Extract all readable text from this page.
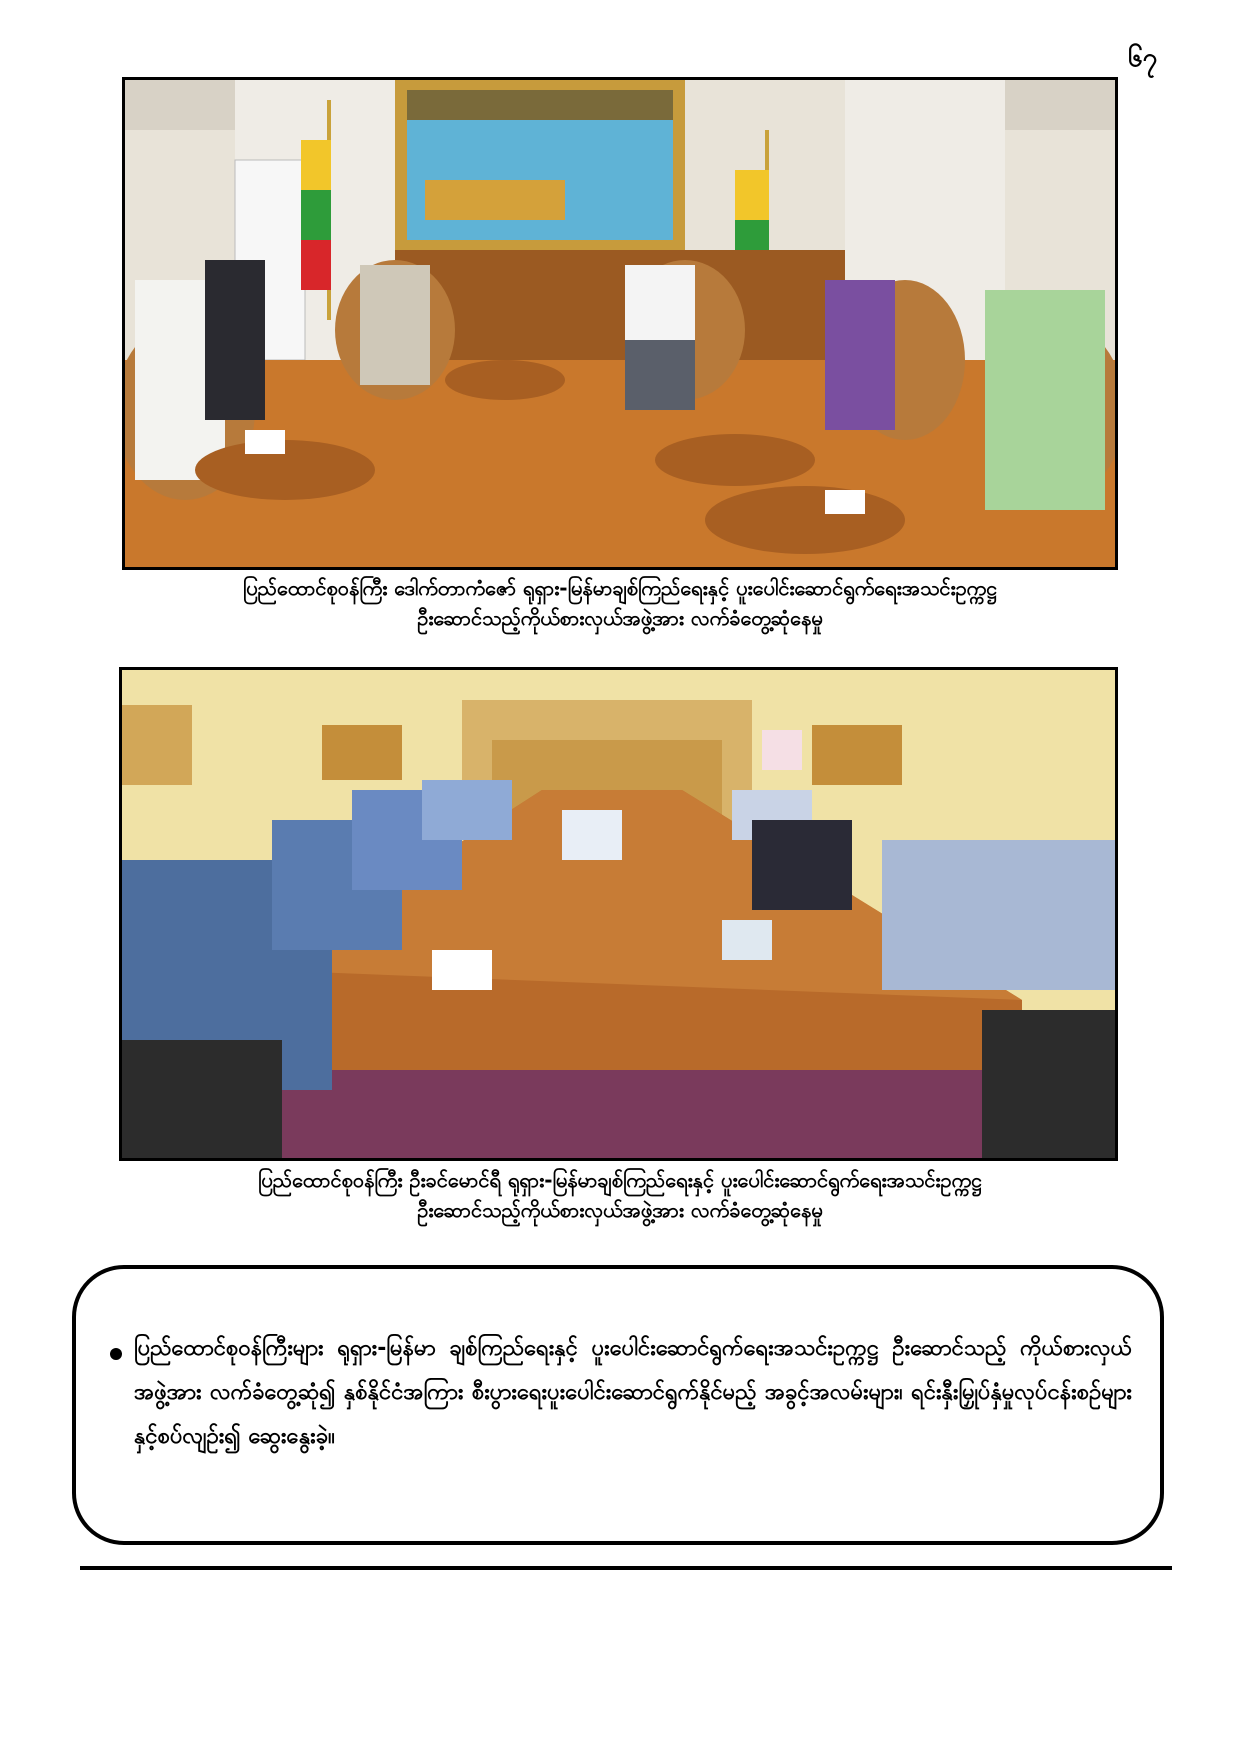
၆၇
ပြည်ထောင်စုဝန်ကြီး ဒေါက်တာကံဇော် ရုရှား-မြန်မာချစ်ကြည်ရေးနှင့် ပူးပေါင်းဆောင်ရွက်ရေးအသင်းဥက္ကဋ္ဌ
ဦးဆောင်သည့်ကိုယ်စားလှယ်အဖွဲ့အား လက်ခံတွေ့ဆုံနေမှု
ပြည်ထောင်စုဝန်ကြီး ဦးခင်မောင်ရီ ရုရှား-မြန်မာချစ်ကြည်ရေးနှင့် ပူးပေါင်းဆောင်ရွက်ရေးအသင်းဥက္ကဋ္ဌ
ဦးဆောင်သည့်ကိုယ်စားလှယ်အဖွဲ့အား လက်ခံတွေ့ဆုံနေမှု
ပြည်ထောင်စုဝန်ကြီးများ ရုရှား-မြန်မာ ချစ်ကြည်ရေးနှင့် ပူးပေါင်းဆောင်ရွက်ရေးအသင်းဥက္ကဋ္ဌ ဦးဆောင်သည့် ကိုယ်စားလှယ်အဖွဲ့အား လက်ခံတွေ့ဆုံ၍ နှစ်နိုင်ငံအကြား စီးပွားရေးပူးပေါင်းဆောင်ရွက်နိုင်မည့် အခွင့်အလမ်းများ၊ ရင်းနှီးမြှုပ်နှံမှုလုပ်ငန်းစဉ်များနှင့်စပ်လျဉ်း၍ ဆွေးနွေးခဲ့။
